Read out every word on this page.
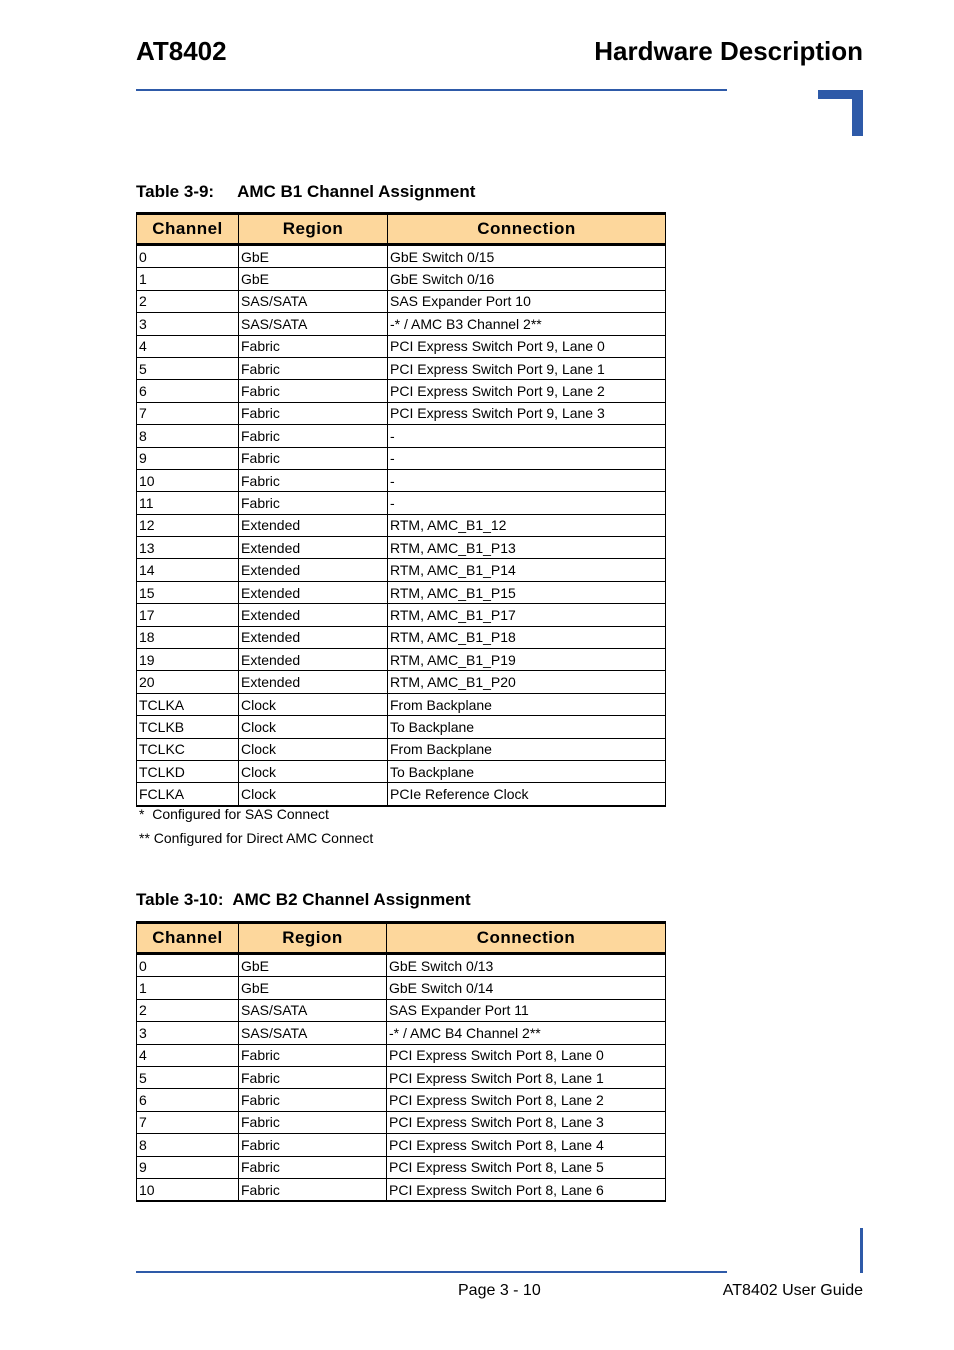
AT8402	Hardware Description
Table 3-9:     AMC B1 Channel Assignment
Channel	Region	Connection
0	GbE	GbE Switch 0/15
1	GbE	GbE Switch 0/16
2	SAS/SATA	SAS Expander Port 10
3	SAS/SATA	-* / AMC B3 Channel 2**
4	Fabric	PCI Express Switch Port 9, Lane 0
5	Fabric	PCI Express Switch Port 9, Lane 1
6	Fabric	PCI Express Switch Port 9, Lane 2
7	Fabric	PCI Express Switch Port 9, Lane 3
8	Fabric	-
9	Fabric	-
10	Fabric	-
11	Fabric	-
12	Extended	RTM, AMC_B1_12
13	Extended	RTM, AMC_B1_P13
14	Extended	RTM, AMC_B1_P14
15	Extended	RTM, AMC_B1_P15
17	Extended	RTM, AMC_B1_P17
18	Extended	RTM, AMC_B1_P18
19	Extended	RTM, AMC_B1_P19
20	Extended	RTM, AMC_B1_P20
TCLKA	Clock	From Backplane
TCLKB	Clock	To Backplane
TCLKC	Clock	From Backplane
TCLKD	Clock	To Backplane
FCLKA	Clock	PCIe Reference Clock
*  Configured for SAS Connect
** Configured for Direct AMC Connect
Table 3-10:  AMC B2 Channel Assignment
Channel	Region	Connection
0	GbE	GbE Switch 0/13
1	GbE	GbE Switch 0/14
2	SAS/SATA	SAS Expander Port 11
3	SAS/SATA	-* / AMC B4 Channel 2**
4	Fabric	PCI Express Switch Port 8, Lane 0
5	Fabric	PCI Express Switch Port 8, Lane 1
6	Fabric	PCI Express Switch Port 8, Lane 2
7	Fabric	PCI Express Switch Port 8, Lane 3
8	Fabric	PCI Express Switch Port 8, Lane 4
9	Fabric	PCI Express Switch Port 8, Lane 5
10	Fabric	PCI Express Switch Port 8, Lane 6
Page 3 - 10	AT8402 User Guide
